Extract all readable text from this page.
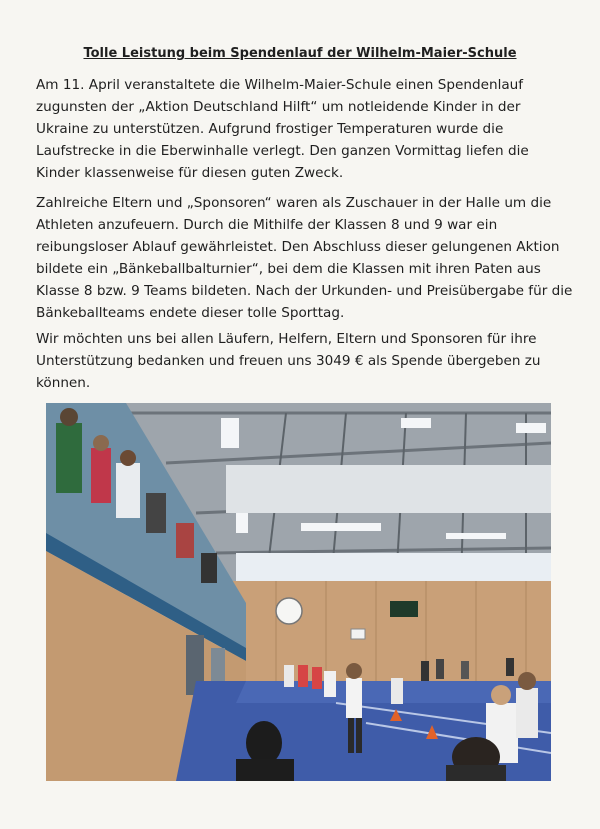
Tolle Leistung beim Spendenlauf der Wilhelm-Maier-Schule

Am 11. April veranstaltete die Wilhelm-Maier-Schule einen Spendenlauf zugunsten der „Aktion Deutschland Hilft“ um notleidende Kinder in der Ukraine zu unterstützen. Aufgrund frostiger Temperaturen wurde die Laufstrecke in die Eberwinhalle verlegt. Den ganzen Vormittag liefen die Kinder klassenweise für diesen guten Zweck.

Zahlreiche Eltern und „Sponsoren“ waren als Zuschauer in der Halle um die Athleten anzufeuern. Durch die Mithilfe der Klassen 8 und 9 war ein reibungsloser Ablauf gewährleistet. Den Abschluss dieser gelungenen Aktion bildete ein „Bänkeballbalturnier“, bei dem die Klassen mit ihren Paten aus Klasse 8 bzw. 9 Teams bildeten. Nach der Urkunden- und Preisübergabe für die Bänkeballteams endete dieser tolle Sporttag.

Wir möchten uns bei allen Läufern, Helfern, Eltern und Sponsoren für ihre Unterstützung bedanken und freuen uns 3049 € als Spende übergeben zu können.
